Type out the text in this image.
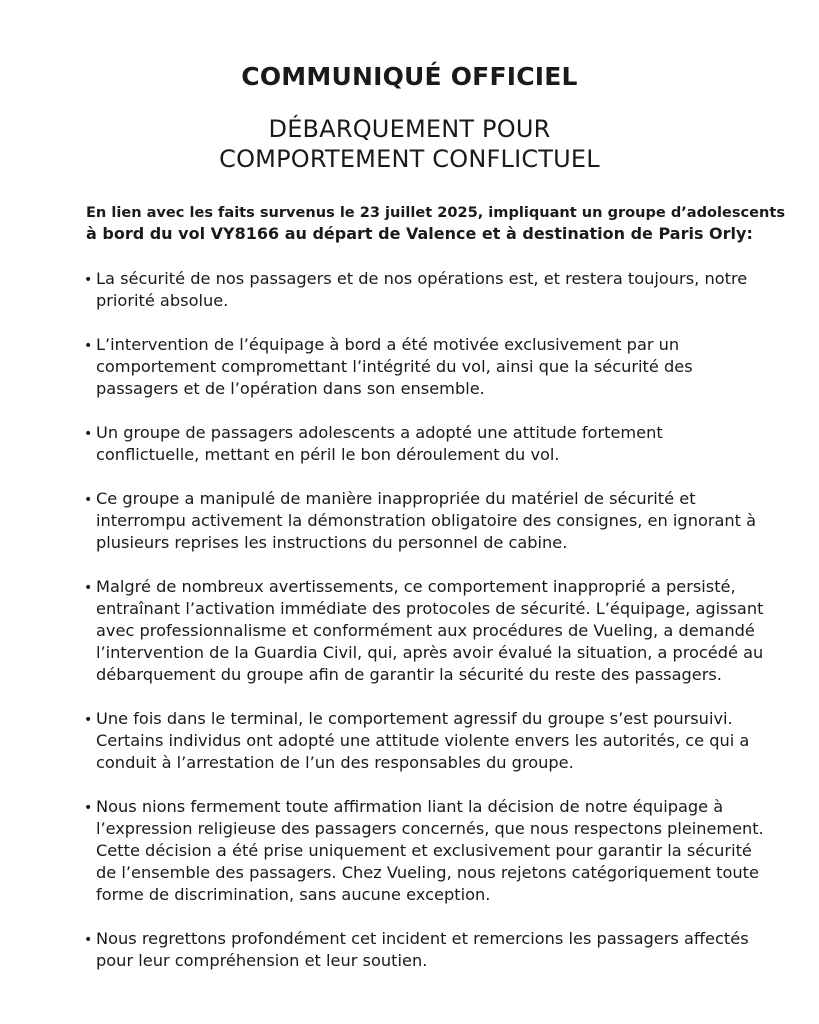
COMMUNIQUÉ OFFICIEL
DÉBARQUEMENT POUR
COMPORTEMENT CONFLICTUEL
En lien avec les faits survenus le 23 juillet 2025, impliquant un groupe d’adolescents
à bord du vol VY8166 au départ de Valence et à destination de Paris Orly:
• La sécurité de nos passagers et de nos opérations est, et restera toujours, notre
priorité absolue.
• L’intervention de l’équipage à bord a été motivée exclusivement par un
comportement compromettant l’intégrité du vol, ainsi que la sécurité des
passagers et de l’opération dans son ensemble.
• Un groupe de passagers adolescents a adopté une attitude fortement
conflictuelle, mettant en péril le bon déroulement du vol.
• Ce groupe a manipulé de manière inappropriée du matériel de sécurité et
interrompu activement la démonstration obligatoire des consignes, en ignorant à
plusieurs reprises les instructions du personnel de cabine.
• Malgré de nombreux avertissements, ce comportement inapproprié a persisté,
entraînant l’activation immédiate des protocoles de sécurité. L’équipage, agissant
avec professionnalisme et conformément aux procédures de Vueling, a demandé
l’intervention de la Guardia Civil, qui, après avoir évalué la situation, a procédé au
débarquement du groupe afin de garantir la sécurité du reste des passagers.
• Une fois dans le terminal, le comportement agressif du groupe s’est poursuivi.
Certains individus ont adopté une attitude violente envers les autorités, ce qui a
conduit à l’arrestation de l’un des responsables du groupe.
• Nous nions fermement toute affirmation liant la décision de notre équipage à
l’expression religieuse des passagers concernés, que nous respectons pleinement.
Cette décision a été prise uniquement et exclusivement pour garantir la sécurité
de l’ensemble des passagers. Chez Vueling, nous rejetons catégoriquement toute
forme de discrimination, sans aucune exception.
• Nous regrettons profondément cet incident et remercions les passagers affectés
pour leur compréhension et leur soutien.
